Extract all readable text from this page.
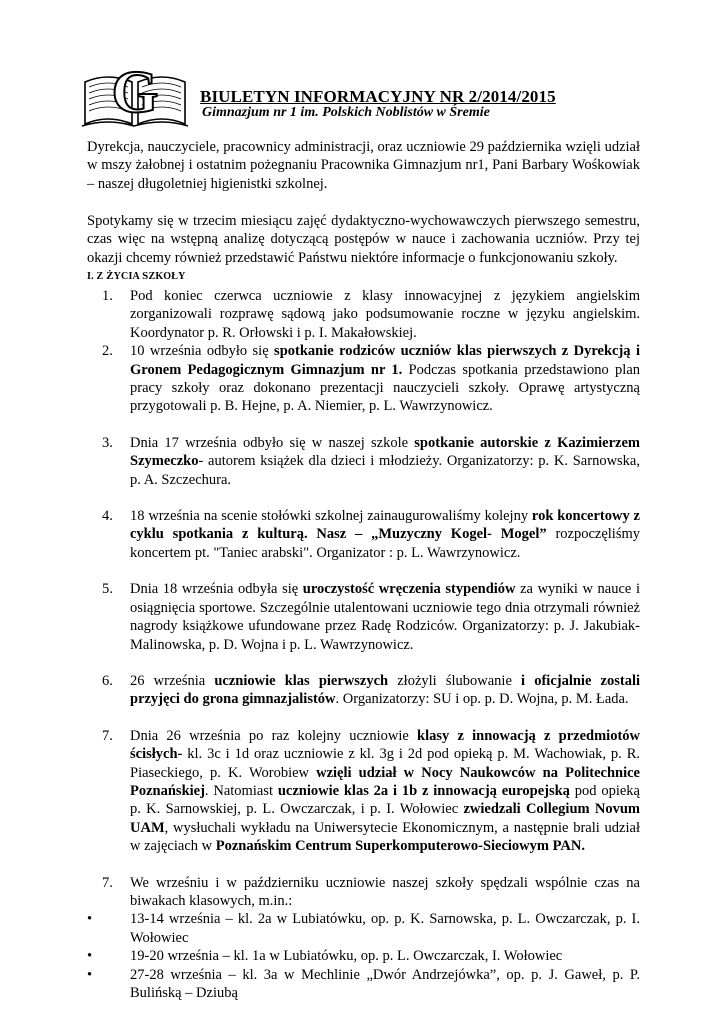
G BIULETYN INFORMACYJNY NR 2/2014/2015
Gimnazjum nr 1 im. Polskich Noblistów w Śremie
Dyrekcja, nauczyciele, pracownicy administracji, oraz uczniowie 29 października wzięli udział w mszy żałobnej i ostatnim pożegnaniu Pracownika Gimnazjum nr1, Pani Barbary Wośkowiak – naszej długoletniej higienistki szkolnej.
Spotykamy się w trzecim miesiącu zajęć dydaktyczno-wychowawczych pierwszego semestru, czas więc na wstępną analizę dotyczącą postępów w nauce i zachowania uczniów. Przy tej okazji chcemy również przedstawić Państwu niektóre informacje o funkcjonowaniu szkoły.
I. Z ŻYCIA SZKOŁY
1. Pod koniec czerwca uczniowie z klasy innowacyjnej z językiem angielskim zorganizowali rozprawę sądową jako podsumowanie roczne w języku angielskim. Koordynator p. R. Orłowski i p. I. Makałowskiej.
2. 10 września odbyło się spotkanie rodziców uczniów klas pierwszych z Dyrekcją i Gronem Pedagogicznym Gimnazjum nr 1. Podczas spotkania przedstawiono plan pracy szkoły oraz dokonano prezentacji nauczycieli szkoły. Oprawę artystyczną przygotowali p. B. Hejne, p. A. Niemier, p. L. Wawrzynowicz.
3. Dnia 17 września odbyło się w naszej szkole spotkanie autorskie z Kazimierzem Szymeczko- autorem książek dla dzieci i młodzieży. Organizatorzy: p. K. Sarnowska, p. A. Szczechura.
4. 18 września na scenie stołówki szkolnej zainaugurowaliśmy kolejny rok koncertowy z cyklu spotkania z kulturą. Nasz – „Muzyczny Kogel- Mogel” rozpoczęliśmy koncertem pt. "Taniec arabski". Organizator : p. L. Wawrzynowicz.
5. Dnia 18 września odbyła się uroczystość wręczenia stypendiów za wyniki w nauce i osiągnięcia sportowe. Szczególnie utalentowani uczniowie tego dnia otrzymali również nagrody książkowe ufundowane przez Radę Rodziców. Organizatorzy: p. J. Jakubiak- Malinowska, p. D. Wojna i p. L. Wawrzynowicz.
6. 26 września uczniowie klas pierwszych złożyli ślubowanie i oficjalnie zostali przyjęci do grona gimnazjalistów. Organizatorzy: SU i op. p. D. Wojna, p. M. Łada.
7. Dnia 26 września po raz kolejny uczniowie klasy z innowacją z przedmiotów ścisłych- kl. 3c i 1d oraz uczniowie z kl. 3g i 2d pod opieką p. M. Wachowiak, p. R. Piaseckiego, p. K. Worobiew wzięli udział w Nocy Naukowców na Politechnice Poznańskiej. Natomiast uczniowie klas 2a i 1b z innowacją europejską pod opieką p. K. Sarnowskiej, p. L. Owczarczak, i p. I. Wołowiec zwiedzali Collegium Novum UAM, wysłuchali wykładu na Uniwersytecie Ekonomicznym, a następnie brali udział w zajęciach w Poznańskim Centrum Superkomputerowo-Sieciowym PAN.
7. We wrześniu i w październiku uczniowie naszej szkoły spędzali wspólnie czas na biwakach klasowych, m.in.:
•	13-14 września – kl. 2a w Lubiatówku, op. p. K. Sarnowska, p. L. Owczarczak, p. I. Wołowiec
•	19-20 września – kl. 1a w Lubiatówku, op. p. L. Owczarczak, I. Wołowiec
•	27-28 września – kl. 3a w Mechlinie „Dwór Andrzejówka”, op. p. J. Gaweł, p. P. Bulińską – Dziubą
